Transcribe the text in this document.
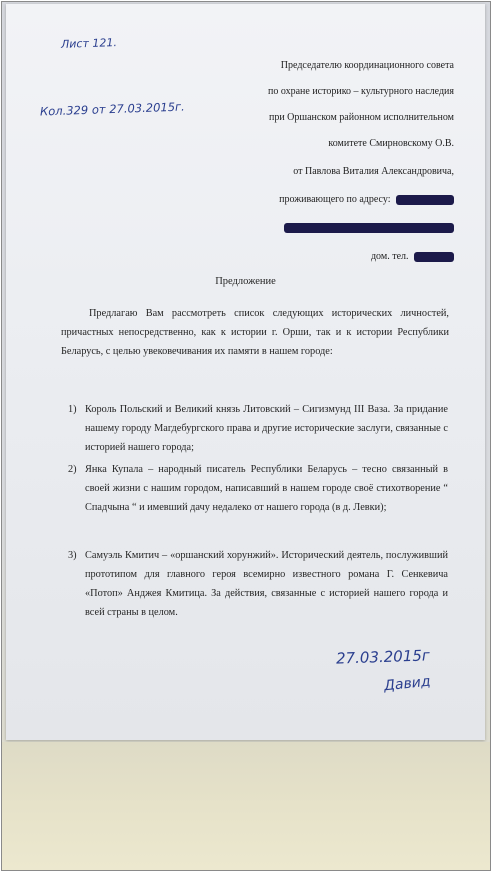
Лист 121.
Кол.329 от 27.03.2015г.
Председателю координационного совета
по охране историко – культурного наследия
при Оршанском районном исполнительном
комитете Смирновскому О.В.
от Павлова Виталия Александровича,
проживающего по адресу:
дом. тел.
Предложение

Предлагаю Вам рассмотреть список следующих исторических личностей, причастных непосредственно, как к истории г. Орши, так и к истории Республики Беларусь, с целью увековечивания их памяти в нашем городе:

1) Король Польский и Великий князь Литовский – Сигизмунд III Ваза. За придание нашему городу Магдебургского права и другие исторические заслуги, связанные с историей нашего города;
2) Янка Купала – народный писатель Республики Беларусь – тесно связанный в своей жизни с нашим городом, написавший в нашем городе своё стихотворение “ Спадчына “ и имевший дачу недалеко от нашего города (в д. Левки);
3) Самуэль Кмитич – «оршанский хорунжий». Исторический деятель, послуживший прототипом для главного героя всемирно известного романа Г. Сенкевича «Потоп» Анджея Кмитица. За действия, связанные с историей нашего города и всей страны в целом.
27.03.2015г
Давид
